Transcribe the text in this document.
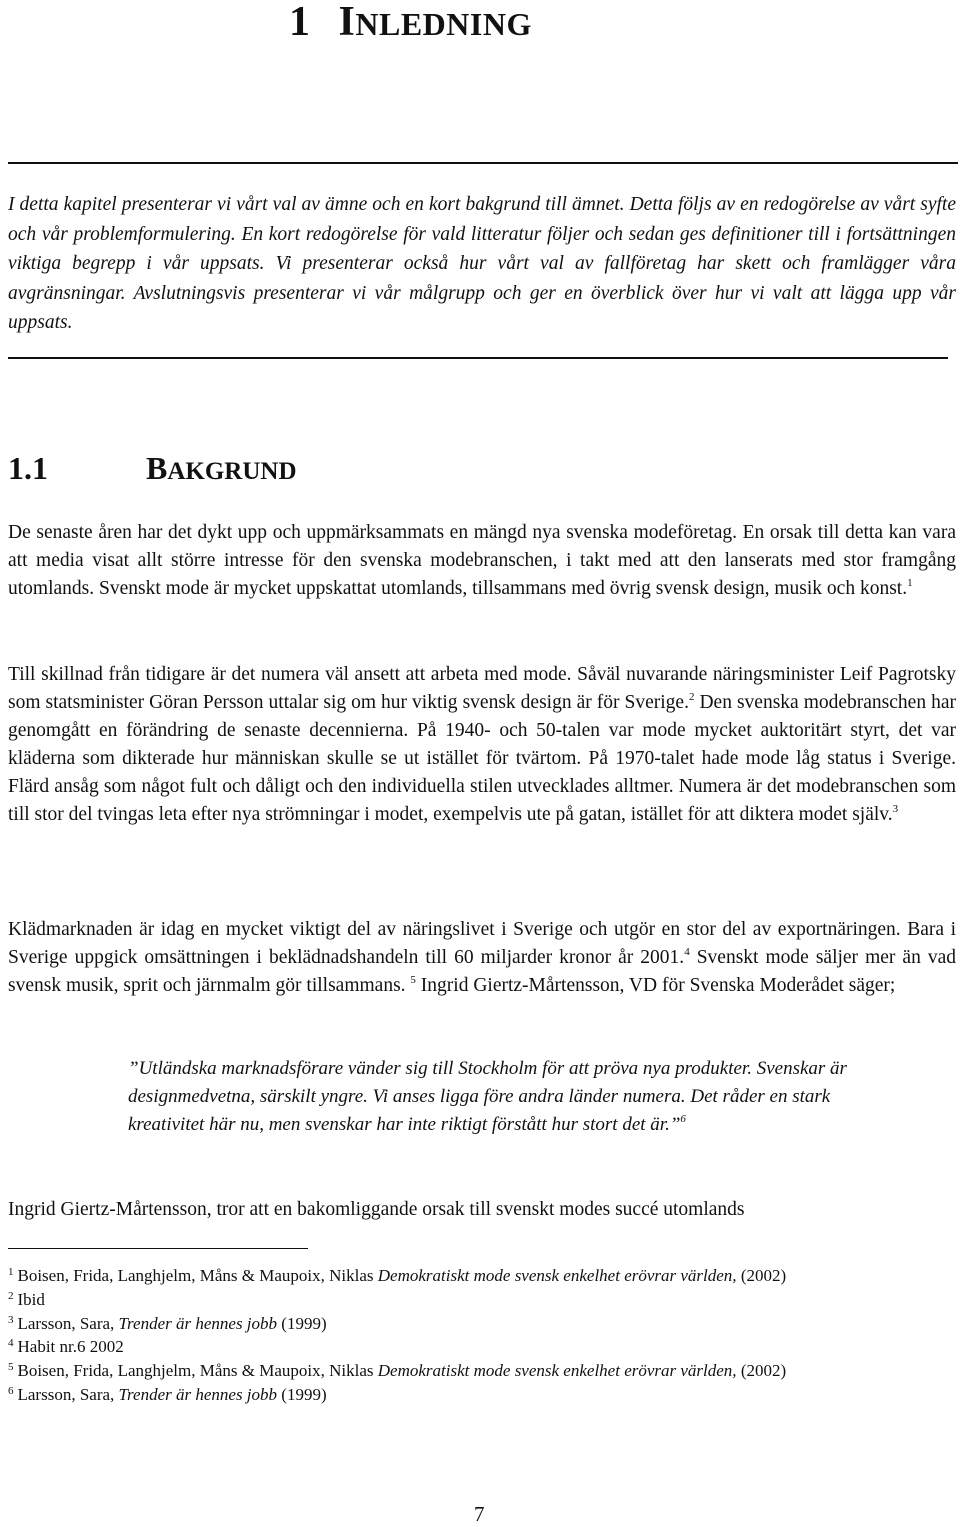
1 INLEDNING
I detta kapitel presenterar vi vårt val av ämne och en kort bakgrund till ämnet. Detta följs av en redogörelse av vårt syfte och vår problemformulering. En kort redogörelse för vald litteratur följer och sedan ges definitioner till i fortsättningen viktiga begrepp i vår uppsats. Vi presenterar också hur vårt val av fallföretag har skett och framlägger våra avgränsningar. Avslutningsvis presenterar vi vår målgrupp och ger en överblick över hur vi valt att lägga upp vår uppsats.
1.1	BAKGRUND
De senaste åren har det dykt upp och uppmärksammats en mängd nya svenska modeföretag. En orsak till detta kan vara att media visat allt större intresse för den svenska modebranschen, i takt med att den lanserats med stor framgång utomlands. Svenskt mode är mycket uppskattat utomlands, tillsammans med övrig svensk design, musik och konst.$^1$
Till skillnad från tidigare är det numera väl ansett att arbeta med mode. Såväl nuvarande näringsminister Leif Pagrotsky som statsminister Göran Persson uttalar sig om hur viktig svensk design är för Sverige.$^2$ Den svenska modebranschen har genomgått en förändring de senaste decennierna. På 1940- och 50-talen var mode mycket auktoritärt styrt, det var kläderna som dikterade hur människan skulle se ut istället för tvärtom. På 1970-talet hade mode låg status i Sverige. Flärd ansåg som något fult och dåligt och den individuella stilen utvecklades alltmer. Numera är det modebranschen som till stor del tvingas leta efter nya strömningar i modet, exempelvis ute på gatan, istället för att diktera modet själv.$^3$
Klädmarknaden är idag en mycket viktigt del av näringslivet i Sverige och utgör en stor del av exportnäringen. Bara i Sverige uppgick omsättningen i beklädnadshandeln till 60 miljarder kronor år 2001.$^4$ Svenskt mode säljer mer än vad svensk musik, sprit och järnmalm gör tillsammans. $^5$ Ingrid Giertz-Mårtensson, VD för Svenska Moderådet säger;
”Utländska marknadsförare vänder sig till Stockholm för att pröva nya produkter. Svenskar är designmedvetna, särskilt yngre. Vi anses ligga före andra länder numera. Det råder en stark kreativitet här nu, men svenskar har inte riktigt förstått hur stort det är.”$^6$
Ingrid Giertz-Mårtensson, tror att en bakomliggande orsak till svenskt modes succé utomlands
$^1$ Boisen, Frida, Langhjelm, Måns & Maupoix, Niklas Demokratiskt mode svensk enkelhet erövrar världen, (2002)
$^2$ Ibid
$^3$ Larsson, Sara, Trender är hennes jobb (1999)
$^4$ Habit nr.6 2002
$^5$ Boisen, Frida, Langhjelm, Måns & Maupoix, Niklas Demokratiskt mode svensk enkelhet erövrar världen, (2002)
$^6$ Larsson, Sara, Trender är hennes jobb (1999)
7
